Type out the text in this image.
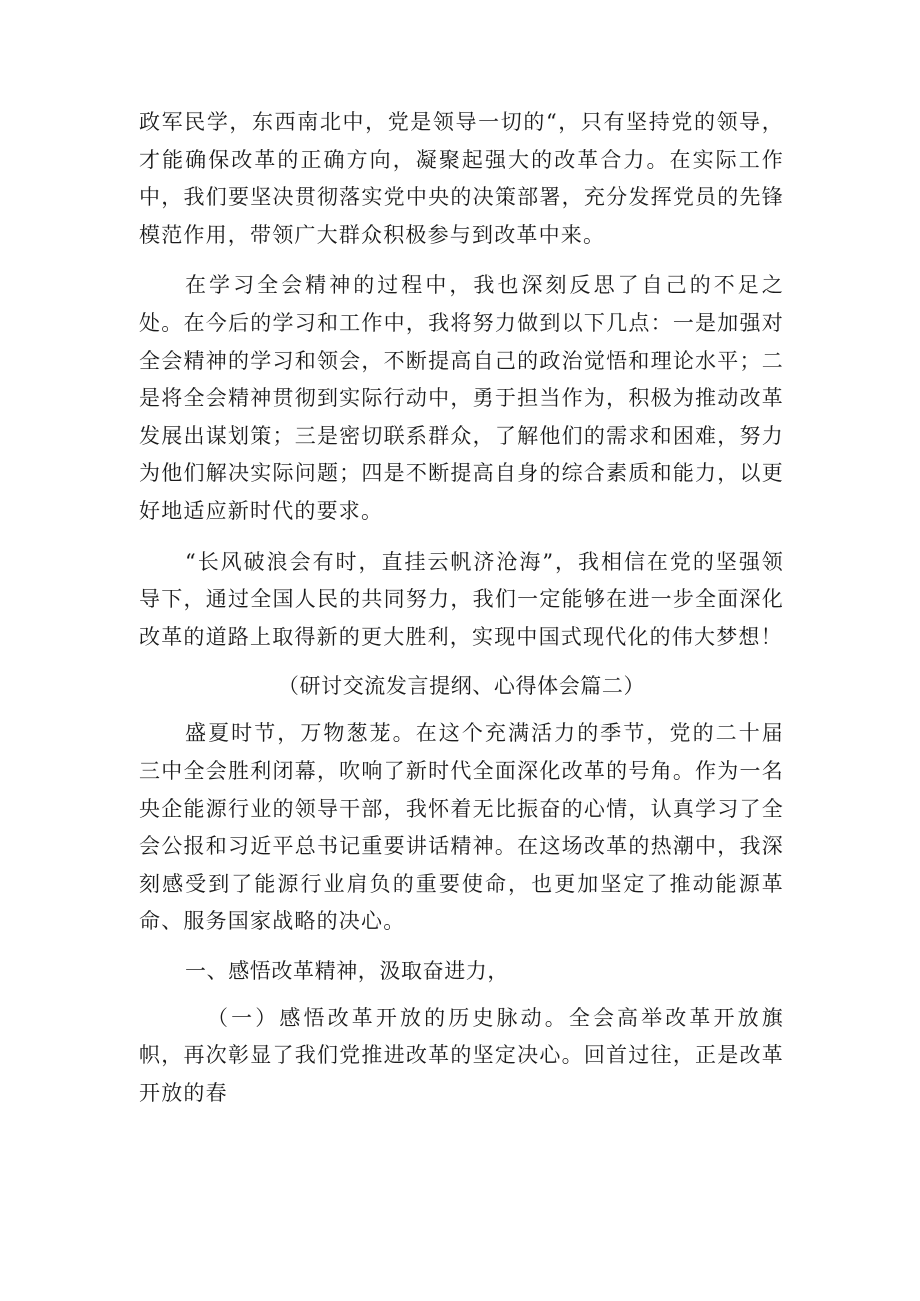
政军民学，东西南北中，党是领导一切的“，只有坚持党的领导，才能确保改革的正确方向，凝聚起强大的改革合力。在实际工作中，我们要坚决贯彻落实党中央的决策部署，充分发挥党员的先锋模范作用，带领广大群众积极参与到改革中来。

在学习全会精神的过程中，我也深刻反思了自己的不足之处。在今后的学习和工作中，我将努力做到以下几点：一是加强对全会精神的学习和领会，不断提高自己的政治觉悟和理论水平；二是将全会精神贯彻到实际行动中，勇于担当作为，积极为推动改革发展出谋划策；三是密切联系群众，了解他们的需求和困难，努力为他们解决实际问题；四是不断提高自身的综合素质和能力，以更好地适应新时代的要求。

“长风破浪会有时，直挂云帆济沧海”，我相信在党的坚强领导下，通过全国人民的共同努力，我们一定能够在进一步全面深化改革的道路上取得新的更大胜利，实现中国式现代化的伟大梦想！

（研讨交流发言提纲、心得体会篇二）

盛夏时节，万物葱茏。在这个充满活力的季节，党的二十届三中全会胜利闭幕，吹响了新时代全面深化改革的号角。作为一名央企能源行业的领导干部，我怀着无比振奋的心情，认真学习了全会公报和习近平总书记重要讲话精神。在这场改革的热潮中，我深刻感受到了能源行业肩负的重要使命，也更加坚定了推动能源革命、服务国家战略的决心。

一、感悟改革精神，汲取奋进力，

（一）感悟改革开放的历史脉动。全会高举改革开放旗帜，再次彰显了我们党推进改革的坚定决心。回首过往，正是改革开放的春
